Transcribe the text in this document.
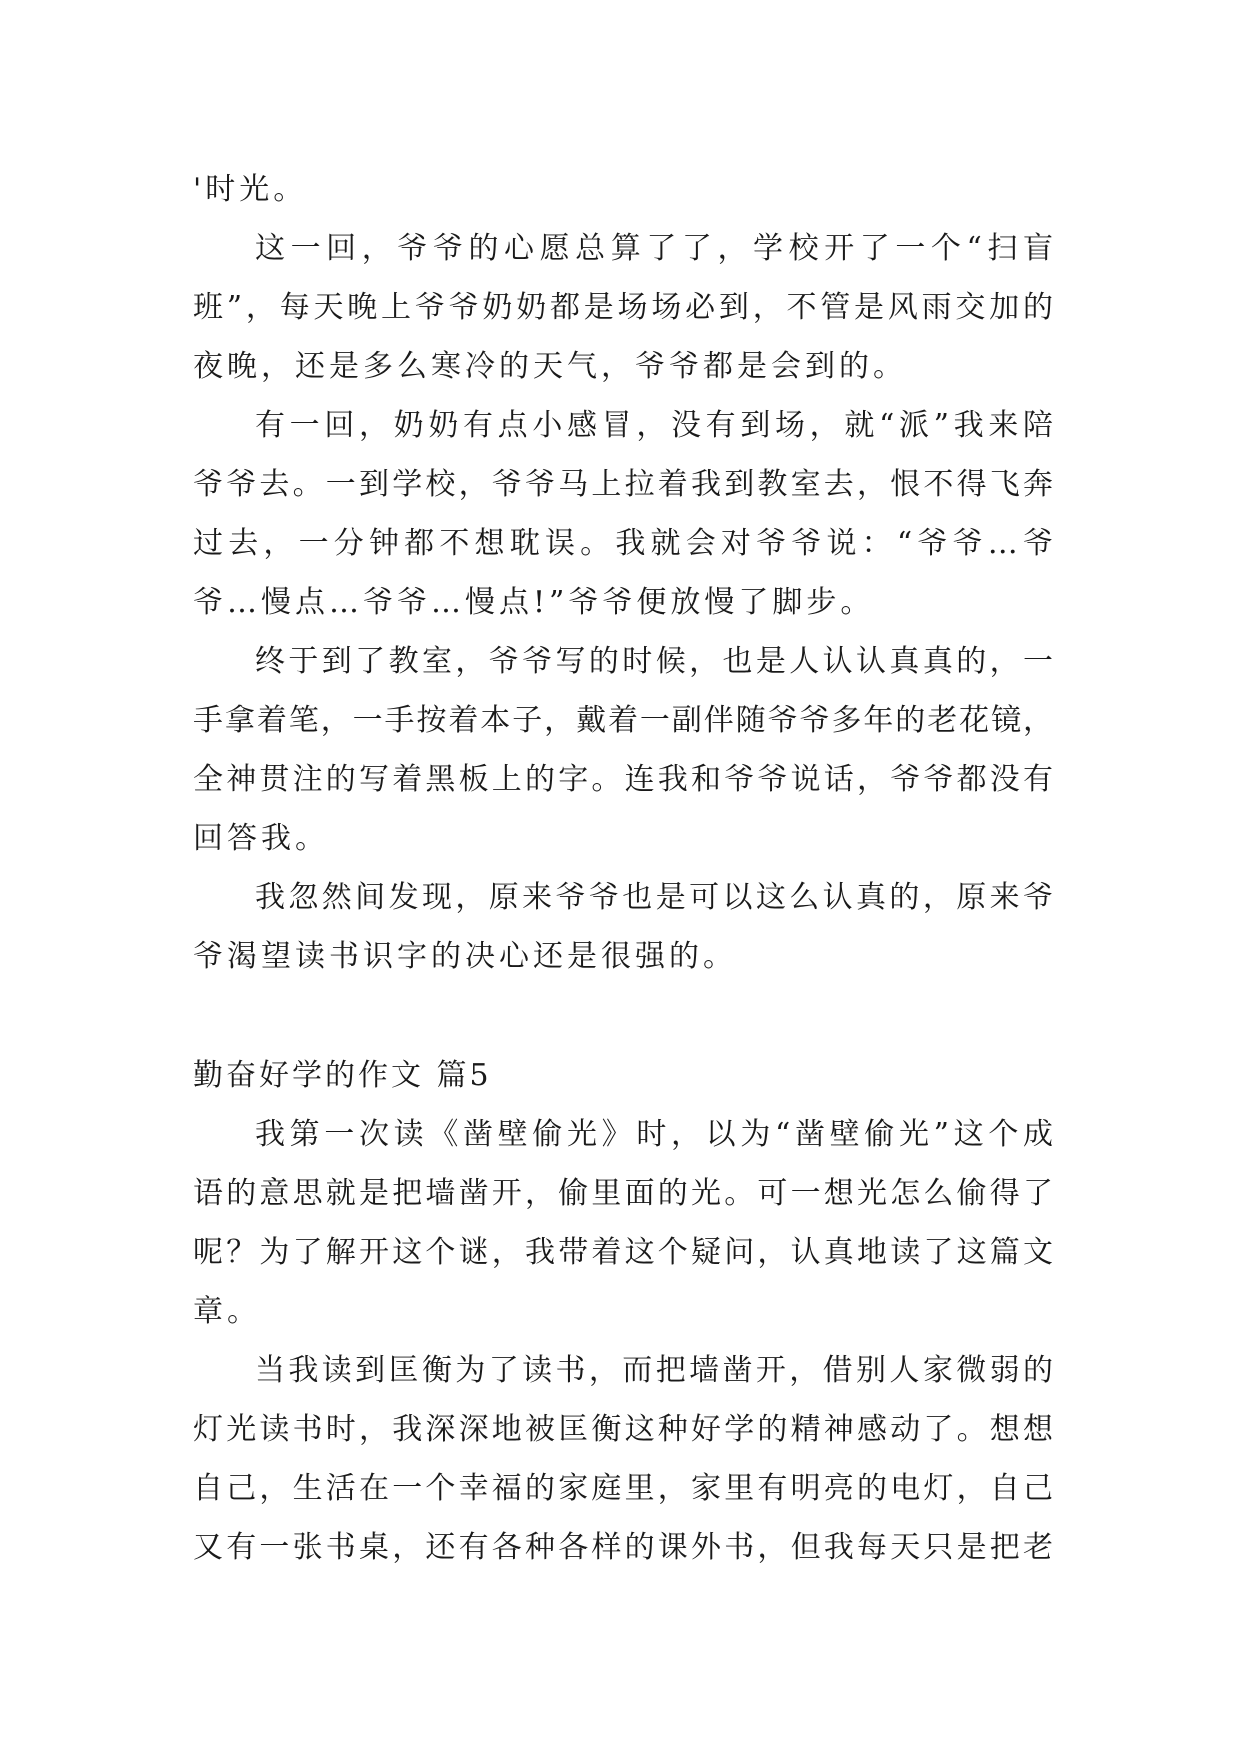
'时光。
这一回，爷爷的心愿总算了了，学校开了一个“扫盲
班”，每天晚上爷爷奶奶都是场场必到，不管是风雨交加的
夜晚，还是多么寒冷的天气，爷爷都是会到的。
有一回，奶奶有点小感冒，没有到场，就“派”我来陪
爷爷去。一到学校，爷爷马上拉着我到教室去，恨不得飞奔
过去，一分钟都不想耽误。我就会对爷爷说：“爷爷…爷
爷…慢点…爷爷…慢点!”爷爷便放慢了脚步。
终于到了教室，爷爷写的时候，也是人认认真真的，一
手拿着笔，一手按着本子，戴着一副伴随爷爷多年的老花镜，
全神贯注的写着黑板上的字。连我和爷爷说话，爷爷都没有
回答我。
我忽然间发现，原来爷爷也是可以这么认真的，原来爷
爷渴望读书识字的决心还是很强的。
勤奋好学的作文 篇5
我第一次读《凿壁偷光》时，以为“凿壁偷光”这个成
语的意思就是把墙凿开，偷里面的光。可一想光怎么偷得了
呢？为了解开这个谜，我带着这个疑问，认真地读了这篇文
章。
当我读到匡衡为了读书，而把墙凿开，借别人家微弱的
灯光读书时，我深深地被匡衡这种好学的精神感动了。想想
自己，生活在一个幸福的家庭里，家里有明亮的电灯，自己
又有一张书桌，还有各种各样的课外书，但我每天只是把老
